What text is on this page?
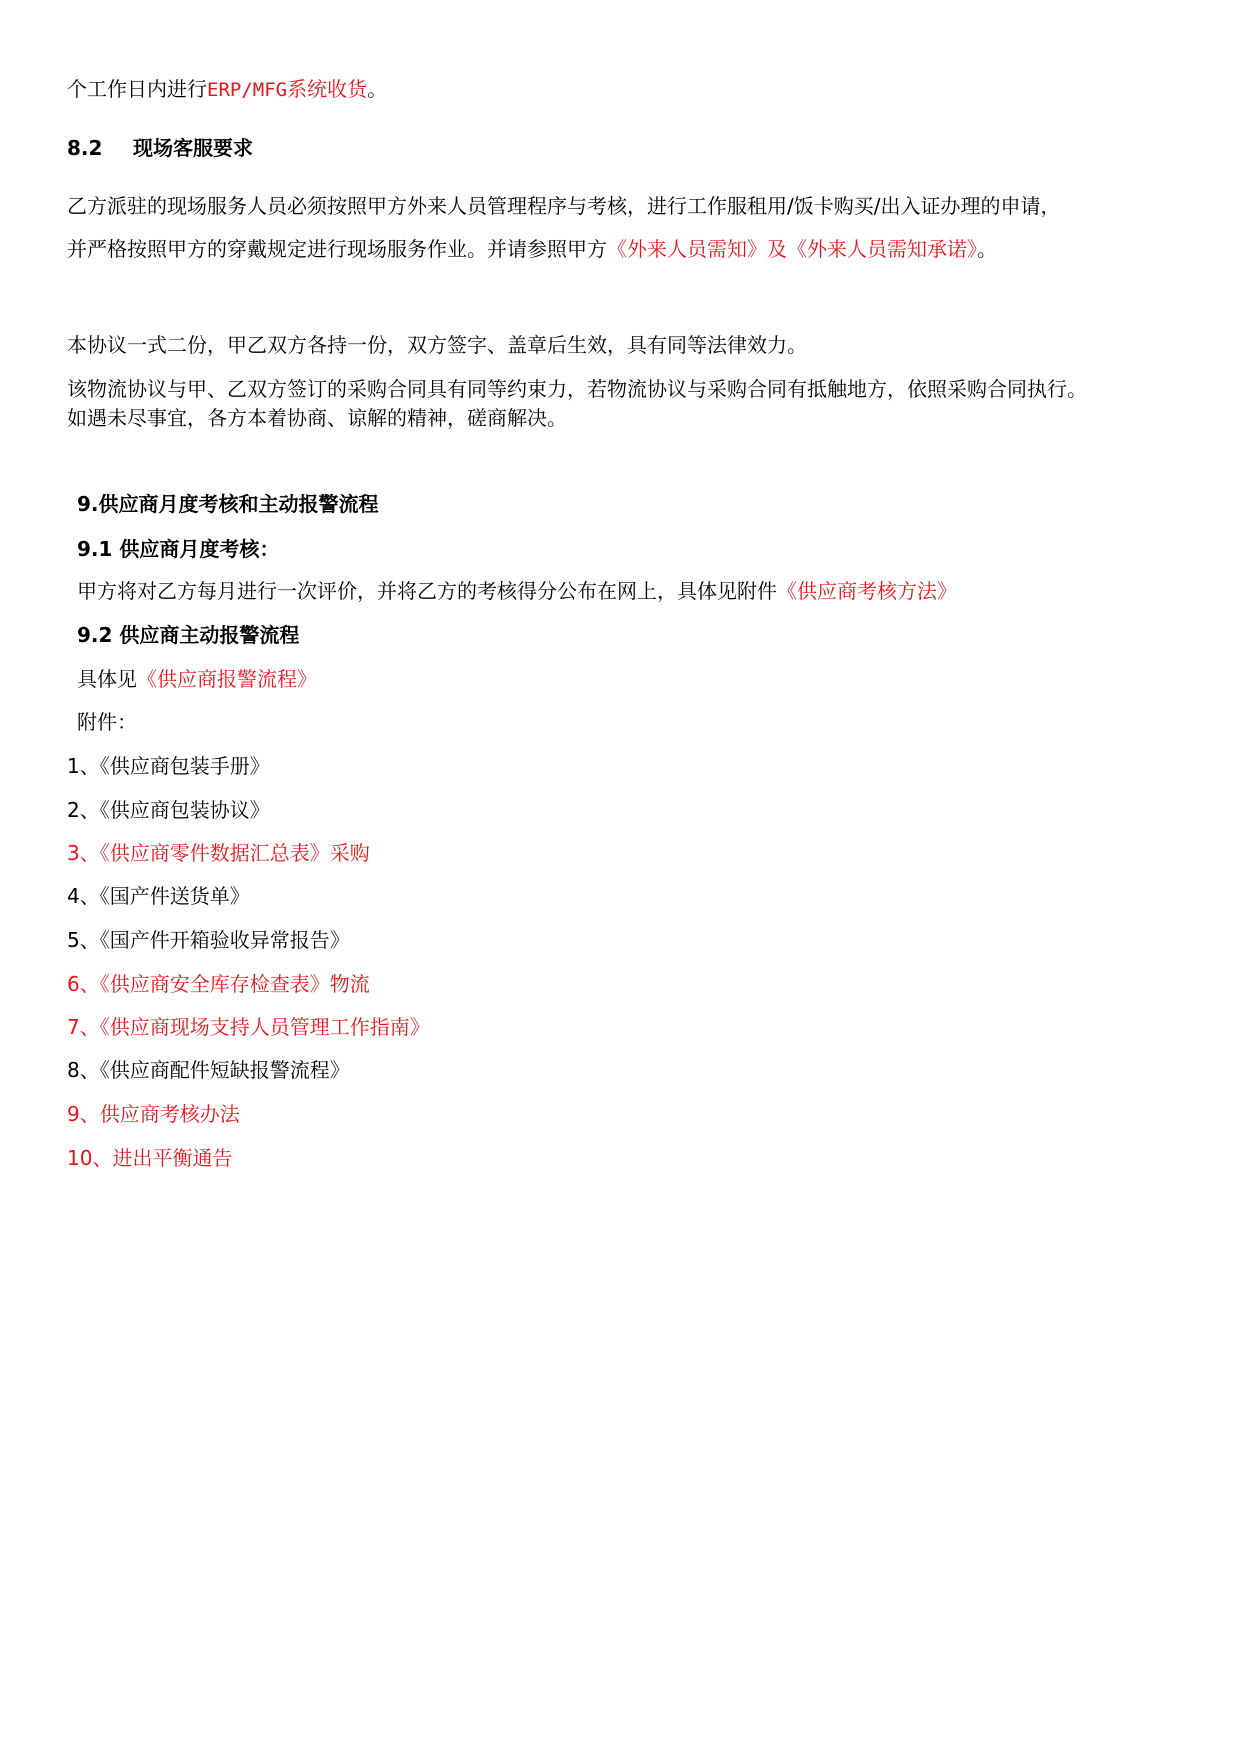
个工作日内进行ERP/MFG系统收货。
8.2 现场客服要求
乙方派驻的现场服务人员必须按照甲方外来人员管理程序与考核，进行工作服租用/饭卡购买/出入证办理的申请，
并严格按照甲方的穿戴规定进行现场服务作业。并请参照甲方《外来人员需知》及《外来人员需知承诺》。
本协议一式二份，甲乙双方各持一份，双方签字、盖章后生效，具有同等法律效力。
该物流协议与甲、乙双方签订的采购合同具有同等约束力，若物流协议与采购合同有抵触地方，依照采购合同执行。
如遇未尽事宜，各方本着协商、谅解的精神，磋商解决。
9.供应商月度考核和主动报警流程
9.1 供应商月度考核：
甲方将对乙方每月进行一次评价，并将乙方的考核得分公布在网上，具体见附件《供应商考核方法》
9.2 供应商主动报警流程
具体见《供应商报警流程》
附件：
1、《供应商包装手册》
2、《供应商包装协议》
3、《供应商零件数据汇总表》采购
4、《国产件送货单》
5、《国产件开箱验收异常报告》
6、《供应商安全库存检查表》物流
7、《供应商现场支持人员管理工作指南》
8、《供应商配件短缺报警流程》
9、供应商考核办法
10、进出平衡通告
